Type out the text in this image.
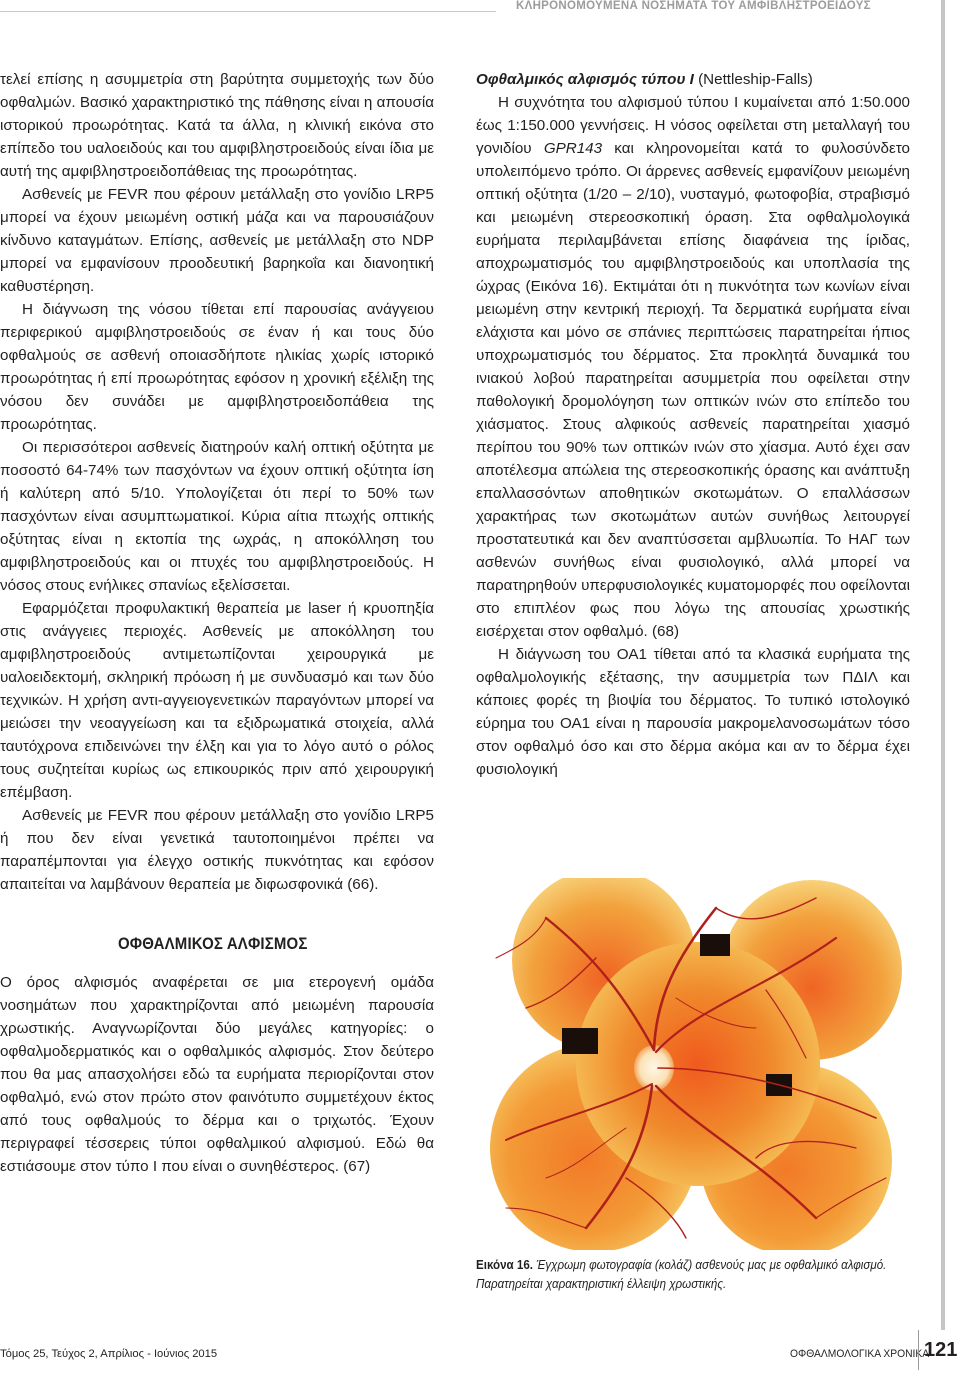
ΚΛΗΡΟΝΟΜΟΥΜΕΝΑ ΝΟΣΗΜΑΤΑ ΤΟΥ ΑΜΦΙΒΛΗΣΤΡΟΕΙΔΟΥΣ

τελεί επίσης η ασυμμετρία στη βαρύτητα συμμετοχής των δύο οφθαλμών. Βασικό χαρακτηριστικό της πάθησης είναι η απουσία ιστορικού προωρότητας. Κατά τα άλλα, η κλινική εικόνα στο επίπεδο του υαλοειδούς και του αμφιβληστροειδούς είναι ίδια με αυτή της αμφιβληστροειδοπάθειας της προωρότητας.

Ασθενείς με FEVR που φέρουν μετάλλαξη στο γονίδιο LRP5 μπορεί να έχουν μειωμένη οστική μάζα και να παρουσιάζουν κίνδυνο καταγμάτων. Επίσης, ασθενείς με μετάλλαξη στο NDP μπορεί να εμφανίσουν προοδευτική βαρηκοΐα και διανοητική καθυστέρηση.

Η διάγνωση της νόσου τίθεται επί παρουσίας ανάγγειου περιφερικού αμφιβληστροειδούς σε έναν ή και τους δύο οφθαλμούς σε ασθενή οποιασδήποτε ηλικίας χωρίς ιστορικό προωρότητας ή επί προωρότητας εφόσον η χρονική εξέλιξη της νόσου δεν συνάδει με αμφιβληστροειδοπάθεια της προωρότητας.

Οι περισσότεροι ασθενείς διατηρούν καλή οπτική οξύτητα με ποσοστό 64-74% των πασχόντων να έχουν οπτική οξύτητα ίση ή καλύτερη από 5/10. Υπολογίζεται ότι περί το 50% των πασχόντων είναι ασυμπτωματικοί. Κύρια αίτια πτωχής οπτικής οξύτητας είναι η εκτοπία της ωχράς, η αποκόλληση του αμφιβληστροειδούς και οι πτυχές του αμφιβληστροειδούς. Η νόσος στους ενήλικες σπανίως εξελίσσεται.

Εφαρμόζεται προφυλακτική θεραπεία με laser ή κρυοπηξία στις ανάγγειες περιοχές. Ασθενείς με αποκόλληση του αμφιβληστροειδούς αντιμετωπίζονται χειρουργικά με υαλοειδεκτομή, σκληρική πρόωση ή με συνδυασμό και των δύο τεχνικών. Η χρήση αντι-αγγειογενετικών παραγόντων μπορεί να μειώσει την νεοαγγείωση και τα εξιδρωματικά στοιχεία, αλλά ταυτόχρονα επιδεινώνει την έλξη και για το λόγο αυτό ο ρόλος τους συζητείται κυρίως ως επικουρικός πριν από χειρουργική επέμβαση.

Ασθενείς με FEVR που φέρουν μετάλλαξη στο γονίδιο LRP5 ή που δεν είναι γενετικά ταυτοποιημένοι πρέπει να παραπέμπονται για έλεγχο οστικής πυκνότητας και εφόσον απαιτείται να λαμβάνουν θεραπεία με διφωσφονικά (66).

ΟΦΘΑΛΜΙΚΟΣ ΑΛΦΙΣΜΟΣ

Ο όρος αλφισμός αναφέρεται σε μια ετερογενή ομάδα νοσημάτων που χαρακτηρίζονται από μειωμένη παρουσία χρωστικής. Αναγνωρίζονται δύο μεγάλες κατηγορίες: ο οφθαλμοδερματικός και ο οφθαλμικός αλφισμός. Στον δεύτερο που θα μας απασχολήσει εδώ τα ευρήματα περιορίζονται στον οφθαλμό, ενώ στον πρώτο στον φαινότυπο συμμετέχουν έκτος από τους οφθαλμούς το δέρμα και ο τριχωτός. Έχουν περιγραφεί τέσσερεις τύποι οφθαλμικού αλφισμού. Εδώ θα εστιάσουμε στον τύπο I που είναι ο συνηθέστερος. (67)

Οφθαλμικός αλφισμός τύπου I (Nettleship-Falls)

Η συχνότητα του αλφισμού τύπου I κυμαίνεται από 1:50.000 έως 1:150.000 γεννήσεις. Η νόσος οφείλεται στη μεταλλαγή του γονιδίου GPR143 και κληρονομείται κατά το φυλοσύνδετο υπολειπόμενο τρόπο. Οι άρρενες ασθενείς εμφανίζουν μειωμένη οπτική οξύτητα (1/20 – 2/10), νυσταγμό, φωτοφοβία, στραβισμό και μειωμένη στερεοσκοπική όραση. Στα οφθαλμολογικά ευρήματα περιλαμβάνεται επίσης διαφάνεια της ίριδας, αποχρωματισμός του αμφιβληστροειδούς και υποπλασία της ώχρας (Εικόνα 16). Εκτιμάται ότι η πυκνότητα των κωνίων είναι μειωμένη στην κεντρική περιοχή. Τα δερματικά ευρήματα είναι ελάχιστα και μόνο σε σπάνιες περιπτώσεις παρατηρείται ήπιος υποχρωματισμός του δέρματος. Στα προκλητά δυναμικά του ινιακού λοβού παρατηρείται ασυμμετρία που οφείλεται στην παθολογική δρομολόγηση των οπτικών ινών στο επίπεδο του χιάσματος. Στους αλφικούς ασθενείς παρατηρείται χιασμό περίπου του 90% των οπτικών ινών στο χίασμα. Αυτό έχει σαν αποτέλεσμα απώλεια της στερεοσκοπικής όρασης και ανάπτυξη επαλλασσόντων αποθητικών σκοτωμάτων. Ο επαλλάσσων χαρακτήρας των σκοτωμάτων αυτών συνήθως λειτουργεί προστατευτικά και δεν αναπτύσσεται αμβλυωπία. Το ΗΑΓ των ασθενών συνήθως είναι φυσιολογικό, αλλά μπορεί να παρατηρηθούν υπερφυσιολογικές κυματομορφές που οφείλονται στο επιπλέον φως που λόγω της απουσίας χρωστικής εισέρχεται στον οφθαλμό. (68)

Η διάγνωση του ΟΑ1 τίθεται από τα κλασικά ευρήματα της οφθαλμολογικής εξέτασης, την ασυμμετρία των ΠΔΙΛ και κάποιες φορές τη βιοψία του δέρματος. Το τυπικό ιστολογικό εύρημα του ΟΑ1 είναι η παρουσία μακρομελανοσωμάτων τόσο στον οφθαλμό όσο και στο δέρμα ακόμα και αν το δέρμα έχει φυσιολογική

Εικόνα 16. Έγχρωμη φωτογραφία (κολάζ) ασθενούς μας με οφθαλμικό αλφισμό. Παρατηρείται χαρακτηριστική έλλειψη χρωστικής.
Τόμος 25, Τεύχος 2, Απρίλιος - Ιούνιος 2015	ΟΦΘΑΛΜΟΛΟΓΙΚΑ ΧΡΟΝΙΚΑ
121
